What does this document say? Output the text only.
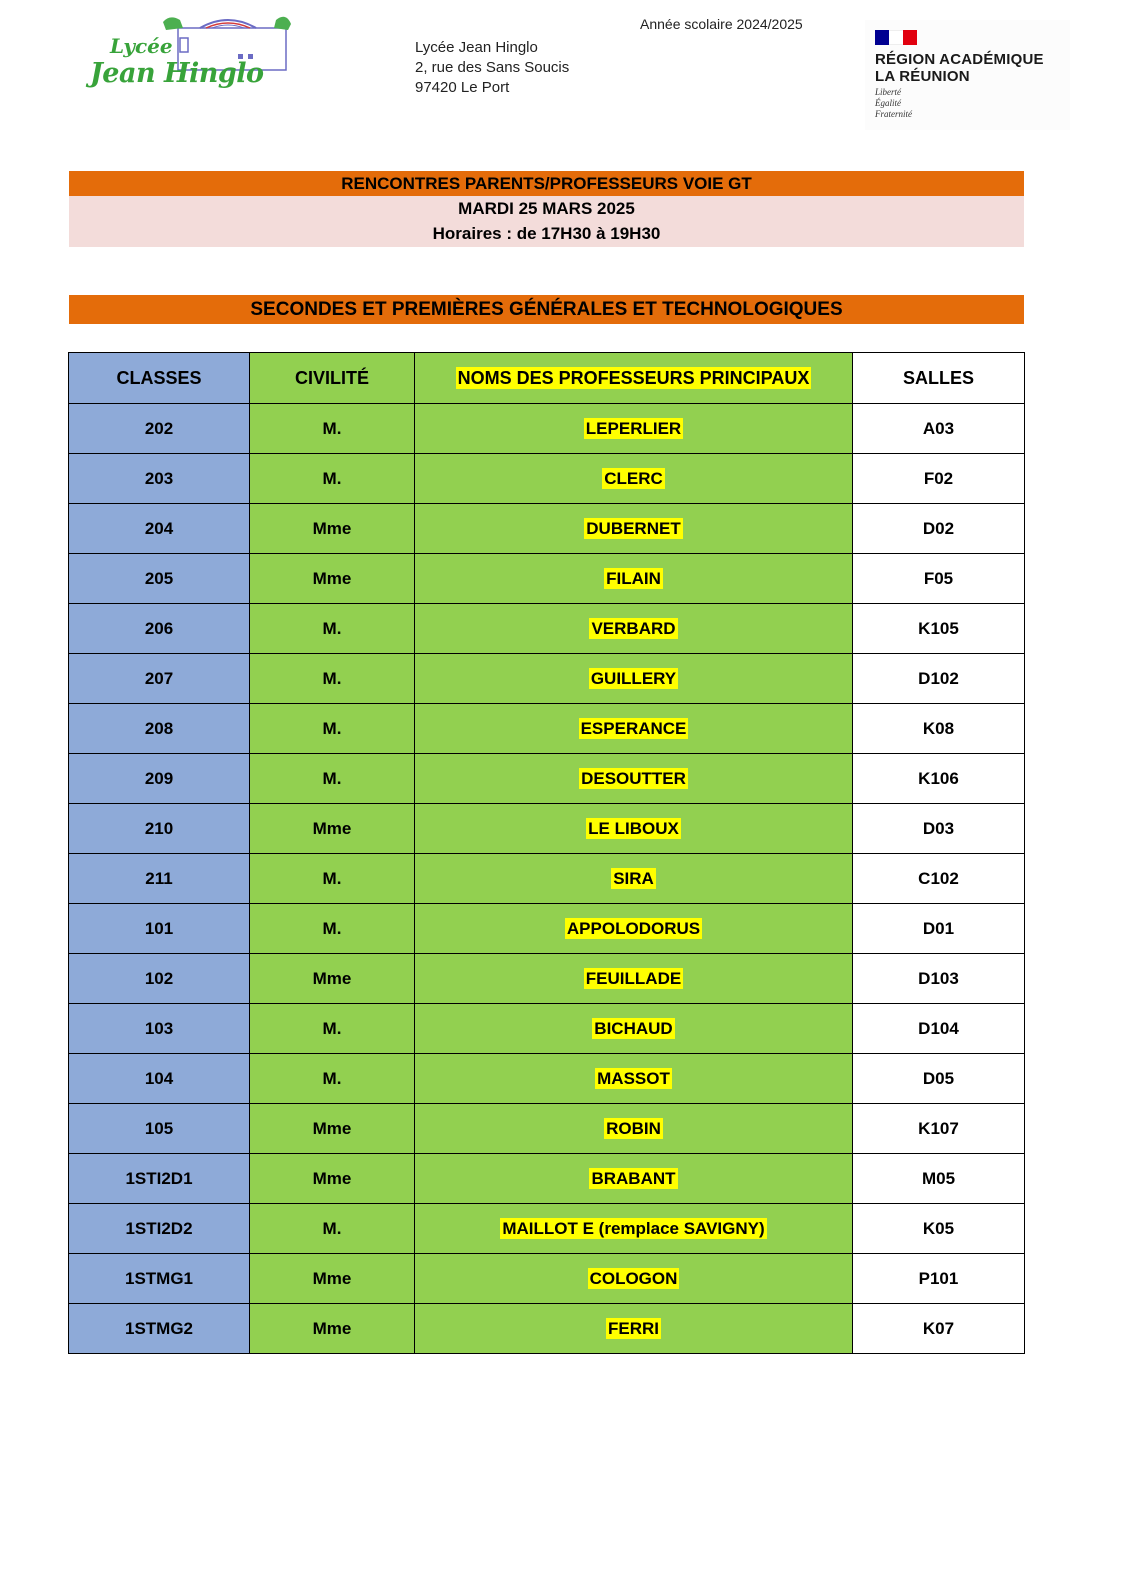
Lycée
Jean Hinglo
Lycée Jean Hinglo
2, rue des Sans Soucis
97420 Le Port
Année scolaire 2024/2025
RÉGION ACADÉMIQUE
LA RÉUNION
Liberté
Égalité
Fraternité
RENCONTRES PARENTS/PROFESSEURS VOIE GT
MARDI 25 MARS 2025
Horaires : de 17H30 à 19H30
SECONDES ET PREMIÈRES GÉNÉRALES ET TECHNOLOGIQUES
CLASSES	CIVILITÉ	NOMS DES PROFESSEURS PRINCIPAUX	SALLES
202	M.	LEPERLIER	A03
203	M.	CLERC	F02
204	Mme	DUBERNET	D02
205	Mme	FILAIN	F05
206	M.	VERBARD	K105
207	M.	GUILLERY	D102
208	M.	ESPERANCE	K08
209	M.	DESOUTTER	K106
210	Mme	LE LIBOUX	D03
211	M.	SIRA	C102
101	M.	APPOLODORUS	D01
102	Mme	FEUILLADE	D103
103	M.	BICHAUD	D104
104	M.	MASSOT	D05
105	Mme	ROBIN	K107
1STI2D1	Mme	BRABANT	M05
1STI2D2	M.	MAILLOT E (remplace SAVIGNY)	K05
1STMG1	Mme	COLOGON	P101
1STMG2	Mme	FERRI	K07
